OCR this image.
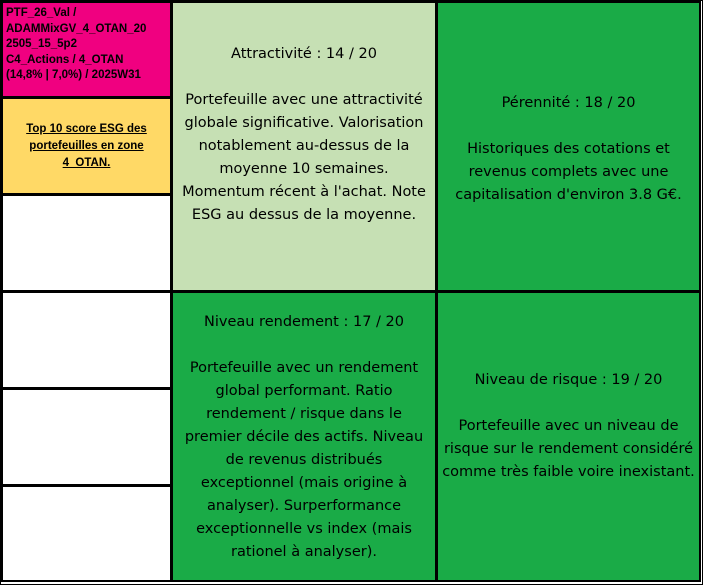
PTF_26_Val /
ADAMMixGV_4_OTAN_20
2505_15_5p2
C4_Actions / 4_OTAN
(14,8% | 7,0%) / 2025W31
Top 10 score ESG des portefeuilles en zone 4_OTAN.
Attractivité : 14 / 20
Portefeuille avec une attractivité globale significative. Valorisation notablement au-dessus de la moyenne 10 semaines. Momentum récent à l'achat. Note ESG au dessus de la moyenne.
Pérennité : 18 / 20
Historiques des cotations et revenus complets avec une capitalisation d'environ 3.8 G€.
Niveau rendement : 17 / 20
Portefeuille avec un rendement global performant. Ratio rendement / risque dans le premier décile des actifs. Niveau de revenus distribués exceptionnel (mais origine à analyser). Surperformance exceptionnelle vs index (mais rationel à analyser).
Niveau de risque : 19 / 20
Portefeuille avec un niveau de risque sur le rendement considéré comme très faible voire inexistant.
